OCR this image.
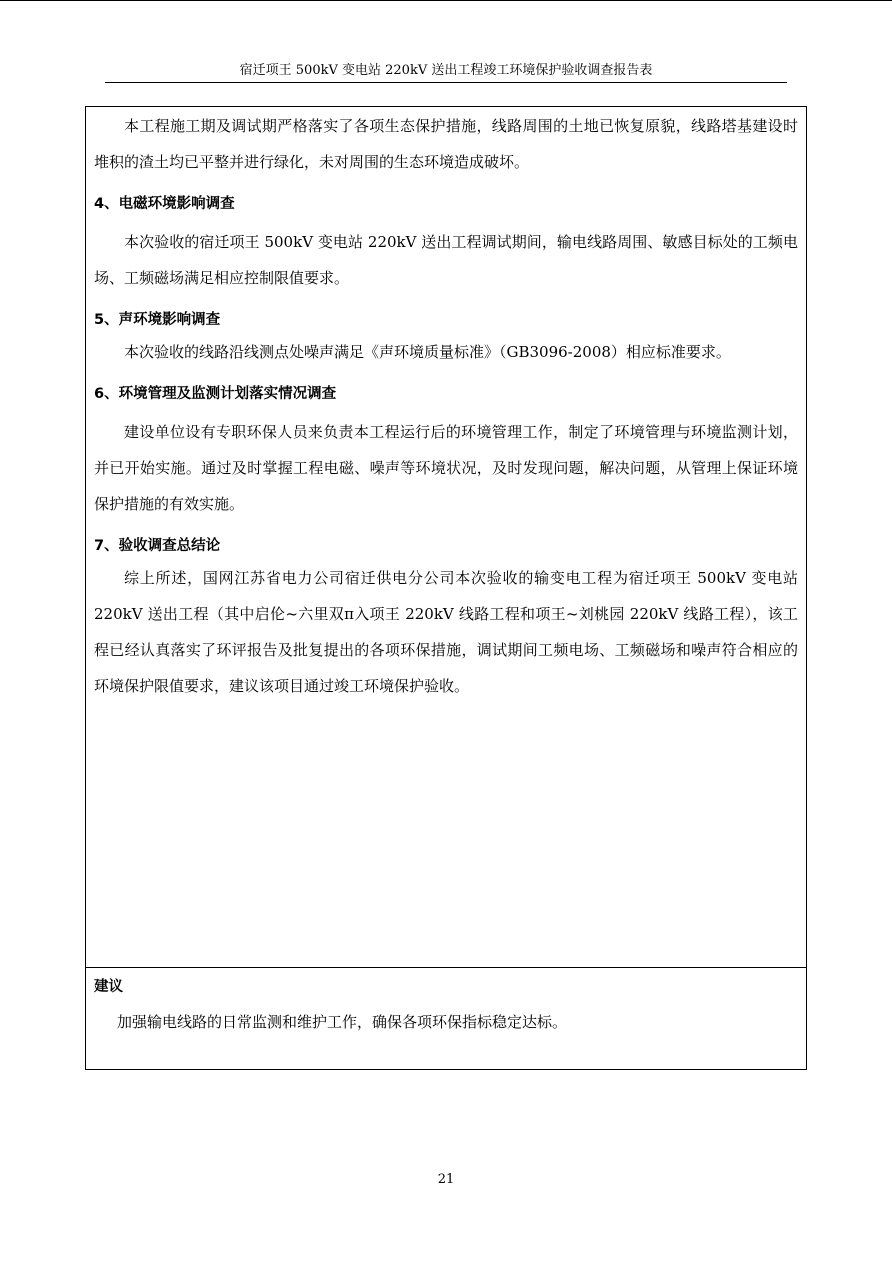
宿迁项王 500kV 变电站 220kV 送出工程竣工环境保护验收调查报告表

本工程施工期及调试期严格落实了各项生态保护措施，线路周围的土地已恢复原貌，线路塔基建设时堆积的渣土均已平整并进行绿化，未对周围的生态环境造成破坏。

4、电磁环境影响调查

本次验收的宿迁项王 500kV 变电站 220kV 送出工程调试期间，输电线路周围、敏感目标处的工频电场、工频磁场满足相应控制限值要求。

5、声环境影响调查

本次验收的线路沿线测点处噪声满足《声环境质量标准》（GB3096-2008）相应标准要求。

6、环境管理及监测计划落实情况调查

建设单位设有专职环保人员来负责本工程运行后的环境管理工作，制定了环境管理与环境监测计划，并已开始实施。通过及时掌握工程电磁、噪声等环境状况，及时发现问题，解决问题，从管理上保证环境保护措施的有效实施。

7、验收调查总结论

综上所述，国网江苏省电力公司宿迁供电分公司本次验收的输变电工程为宿迁项王 500kV 变电站 220kV 送出工程（其中启伦~六里双π入项王 220kV 线路工程和项王~刘桃园 220kV 线路工程），该工程已经认真落实了环评报告及批复提出的各项环保措施，调试期间工频电场、工频磁场和噪声符合相应的环境保护限值要求，建议该项目通过竣工环境保护验收。

建议

加强输电线路的日常监测和维护工作，确保各项环保指标稳定达标。

21
